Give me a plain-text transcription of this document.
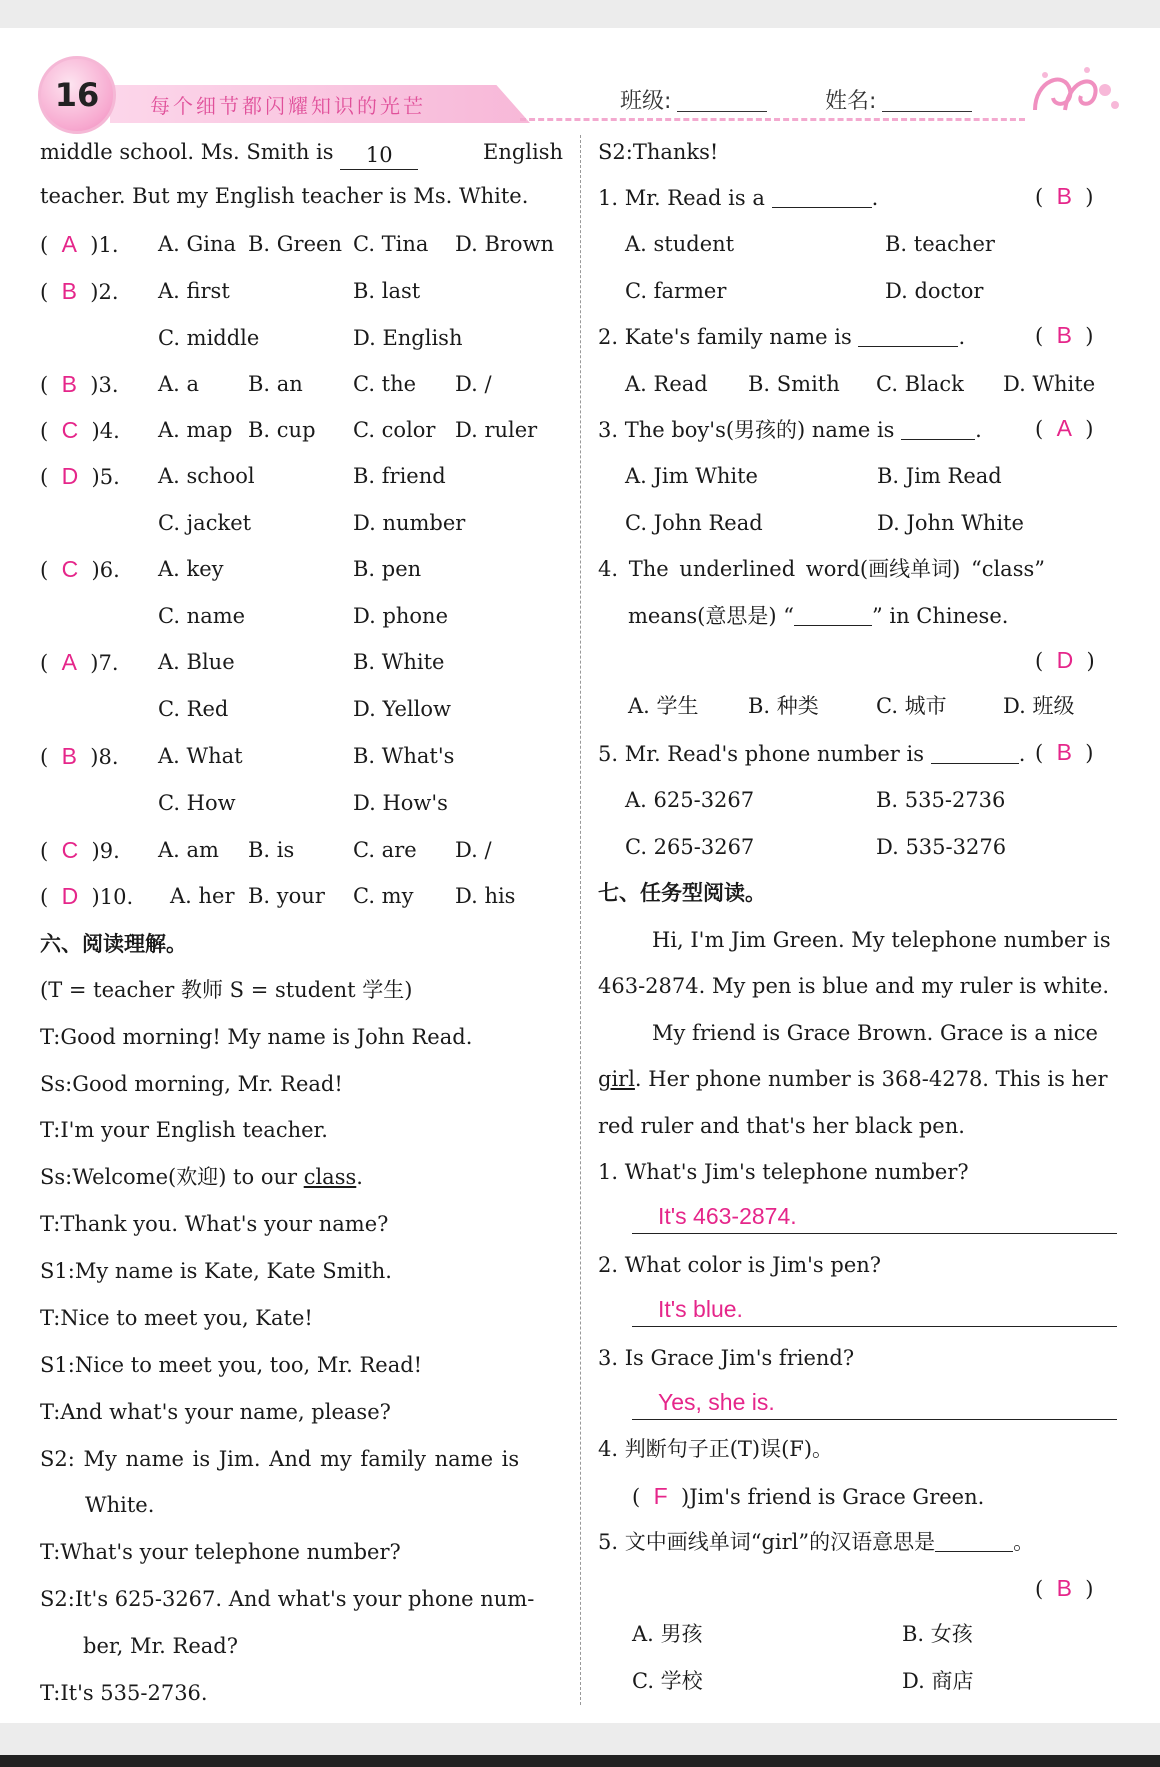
16	每个细节都闪耀知识的光芒	班级:	姓名:
middle school. Ms. Smith is 10	English
teacher. But my English teacher is Ms. White.
( A )1. A. Gina B. Green C. Tina D. Brown
( B )2. A. first	B. last
C. middle	D. English
( B )3. A. a B. an C. the D. /
( C )4. A. map B. cup C. color D. ruler
( D )5. A. school	B. friend
C. jacket	D. number
( C )6. A. key	B. pen
C. name	D. phone
( A )7. A. Blue	B. White
C. Red	D. Yellow
( B )8. A. What	B. What's
C. How	D. How's
( C )9. A. am B. is	C. are D. /
( D )10. A. her B. your C. my D. his
六、阅读理解。
(T = teacher 教师 S = student 学生)
T:Good morning! My name is John Read.
Ss:Good morning, Mr. Read!
T:I'm your English teacher.
Ss:Welcome(欢迎) to our class.
T:Thank you. What's your name?
S1:My name is Kate, Kate Smith.
T:Nice to meet you, Kate!
S1:Nice to meet you, too, Mr. Read!
T:And what's your name, please?
S2: My name is Jim. And my family name is
White.
T:What's your telephone number?
S2:It's 625-3267. And what's your phone num-
ber, Mr. Read?
T:It's 535-2736.
S2:Thanks!
1. Mr. Read is a	.	( B )
A. student	B. teacher
C. farmer	D. doctor
2. Kate's family name is	.	( B )
A. Read B. Smith C. Black D. White
3. The boy's(男孩的) name is	.	( A )
A. Jim White	B. Jim Read
C. John Read	D. John White
4. The underlined word(画线单词) “class”
means(意思是) “	” in Chinese.
( D )
A. 学生 B. 种类	C. 城市	D. 班级
5. Mr. Read's phone number is	. ( B )
A. 625-3267	B. 535-2736
C. 265-3267	D. 535-3276
七、任务型阅读。
Hi, I'm Jim Green. My telephone number is
463-2874. My pen is blue and my ruler is white.
My friend is Grace Brown. Grace is a nice
girl. Her phone number is 368-4278. This is her
red ruler and that's her black pen.
1. What's Jim's telephone number?
It's 463-2874.
2. What color is Jim's pen?
It's blue.
3. Is Grace Jim's friend?
Yes, she is.
4. 判断句子正(T)误(F)。
( F )Jim's friend is Grace Green.
5. 文中画线单词“girl”的汉语意思是	。
( B )
A. 男孩	B. 女孩
C. 学校	D. 商店
